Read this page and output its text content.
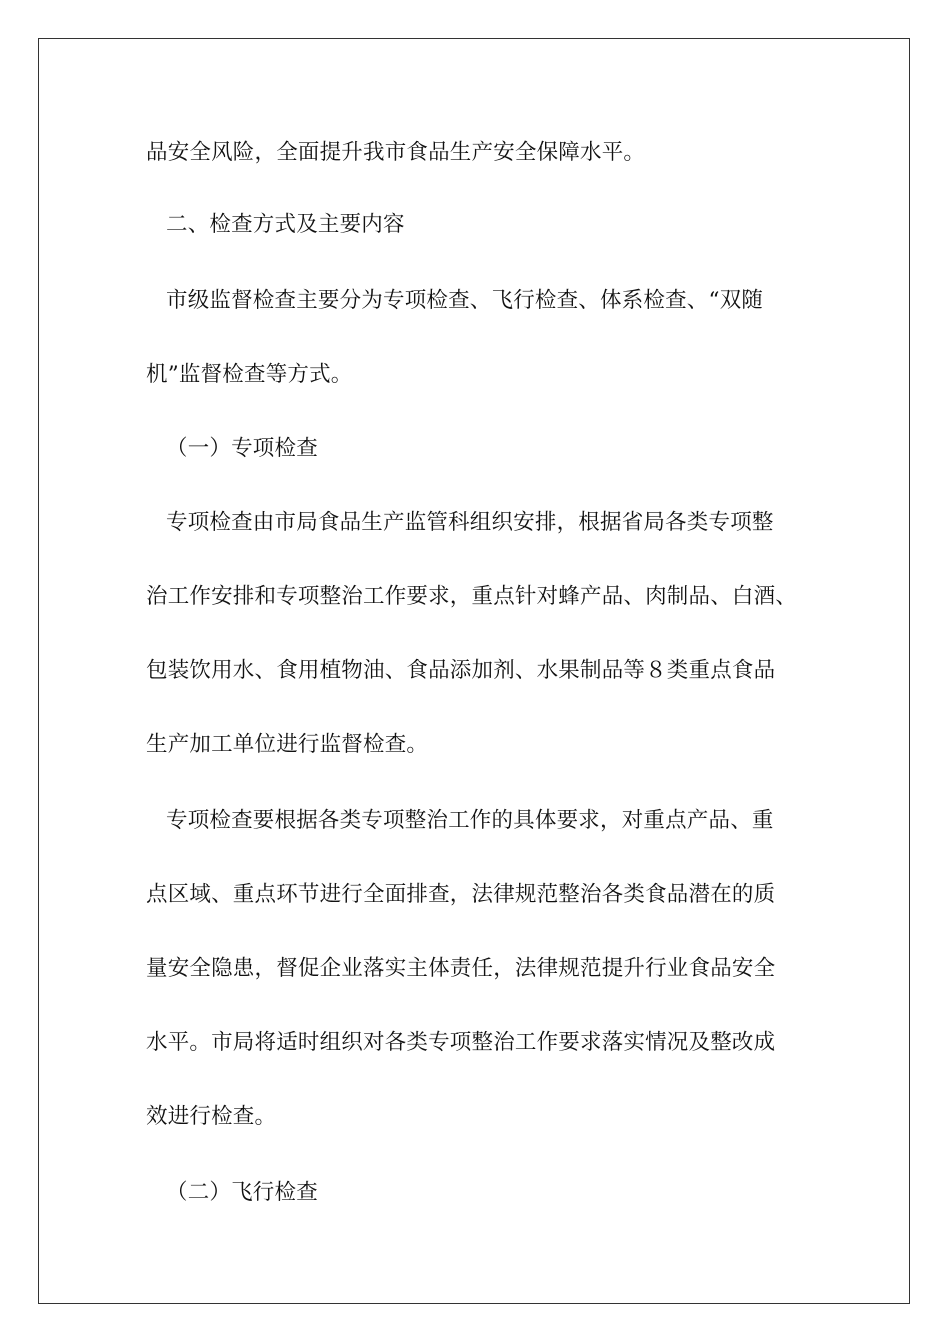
品安全风险，全面提升我市食品生产安全保障水平。
二、检查方式及主要内容
市级监督检查主要分为专项检查、飞行检查、体系检查、“双随
机”监督检查等方式。
（一）专项检查
专项检查由市局食品生产监管科组织安排，根据省局各类专项整
治工作安排和专项整治工作要求，重点针对蜂产品、肉制品、白酒、
包装饮用水、食用植物油、食品添加剂、水果制品等８类重点食品
生产加工单位进行监督检查。
专项检查要根据各类专项整治工作的具体要求，对重点产品、重
点区域、重点环节进行全面排查，法律规范整治各类食品潜在的质
量安全隐患，督促企业落实主体责任，法律规范提升行业食品安全
水平。市局将适时组织对各类专项整治工作要求落实情况及整改成
效进行检查。
（二）飞行检查
